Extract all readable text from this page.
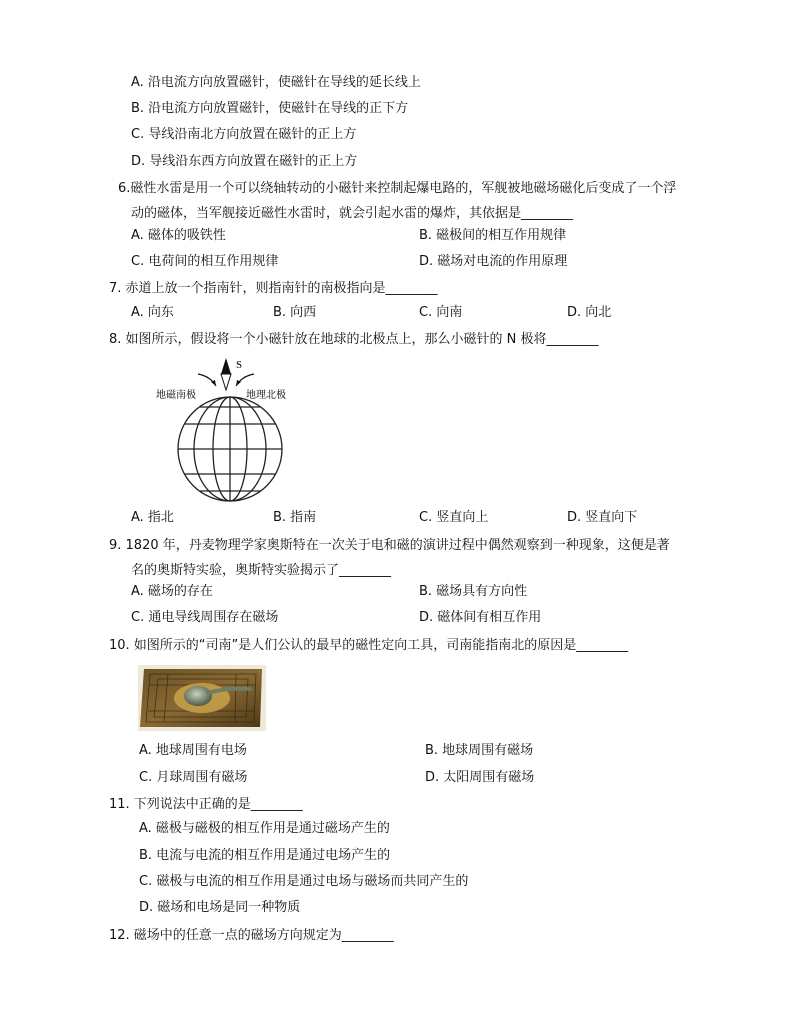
A. 沿电流方向放置磁针，使磁针在导线的延长线上
B. 沿电流方向放置磁针，使磁针在导线的正下方
C. 导线沿南北方向放置在磁针的正上方
D. 导线沿东西方向放置在磁针的正上方
6.磁性水雷是用一个可以绕轴转动的小磁针来控制起爆电路的，军舰被地磁场磁化后变成了一个浮
动的磁体，当军舰接近磁性水雷时，就会引起水雷的爆炸，其依据是________
A. 磁体的吸铁性	B. 磁极间的相互作用规律
C. 电荷间的相互作用规律	D. 磁场对电流的作用原理
7. 赤道上放一个指南针，则指南针的南极指向是________
A. 向东	B. 向西	C. 向南	D. 向北
8. 如图所示，假设将一个小磁针放在地球的北极点上，那么小磁针的 N 极将________
S
地磁南极	地理北极
A. 指北	B. 指南	C. 竖直向上	D. 竖直向下
9. 1820 年，丹麦物理学家奥斯特在一次关于电和磁的演讲过程中偶然观察到一种现象，这便是著
名的奥斯特实验，奥斯特实验揭示了________
A. 磁场的存在	B. 磁场具有方向性
C. 通电导线周围存在磁场	D. 磁体间有相互作用
10. 如图所示的“司南”是人们公认的最早的磁性定向工具，司南能指南北的原因是________
A. 地球周围有电场	B. 地球周围有磁场
C. 月球周围有磁场	D. 太阳周围有磁场
11. 下列说法中正确的是________
A. 磁极与磁极的相互作用是通过磁场产生的
B. 电流与电流的相互作用是通过电场产生的
C. 磁极与电流的相互作用是通过电场与磁场而共同产生的
D. 磁场和电场是同一种物质
12. 磁场中的任意一点的磁场方向规定为________
